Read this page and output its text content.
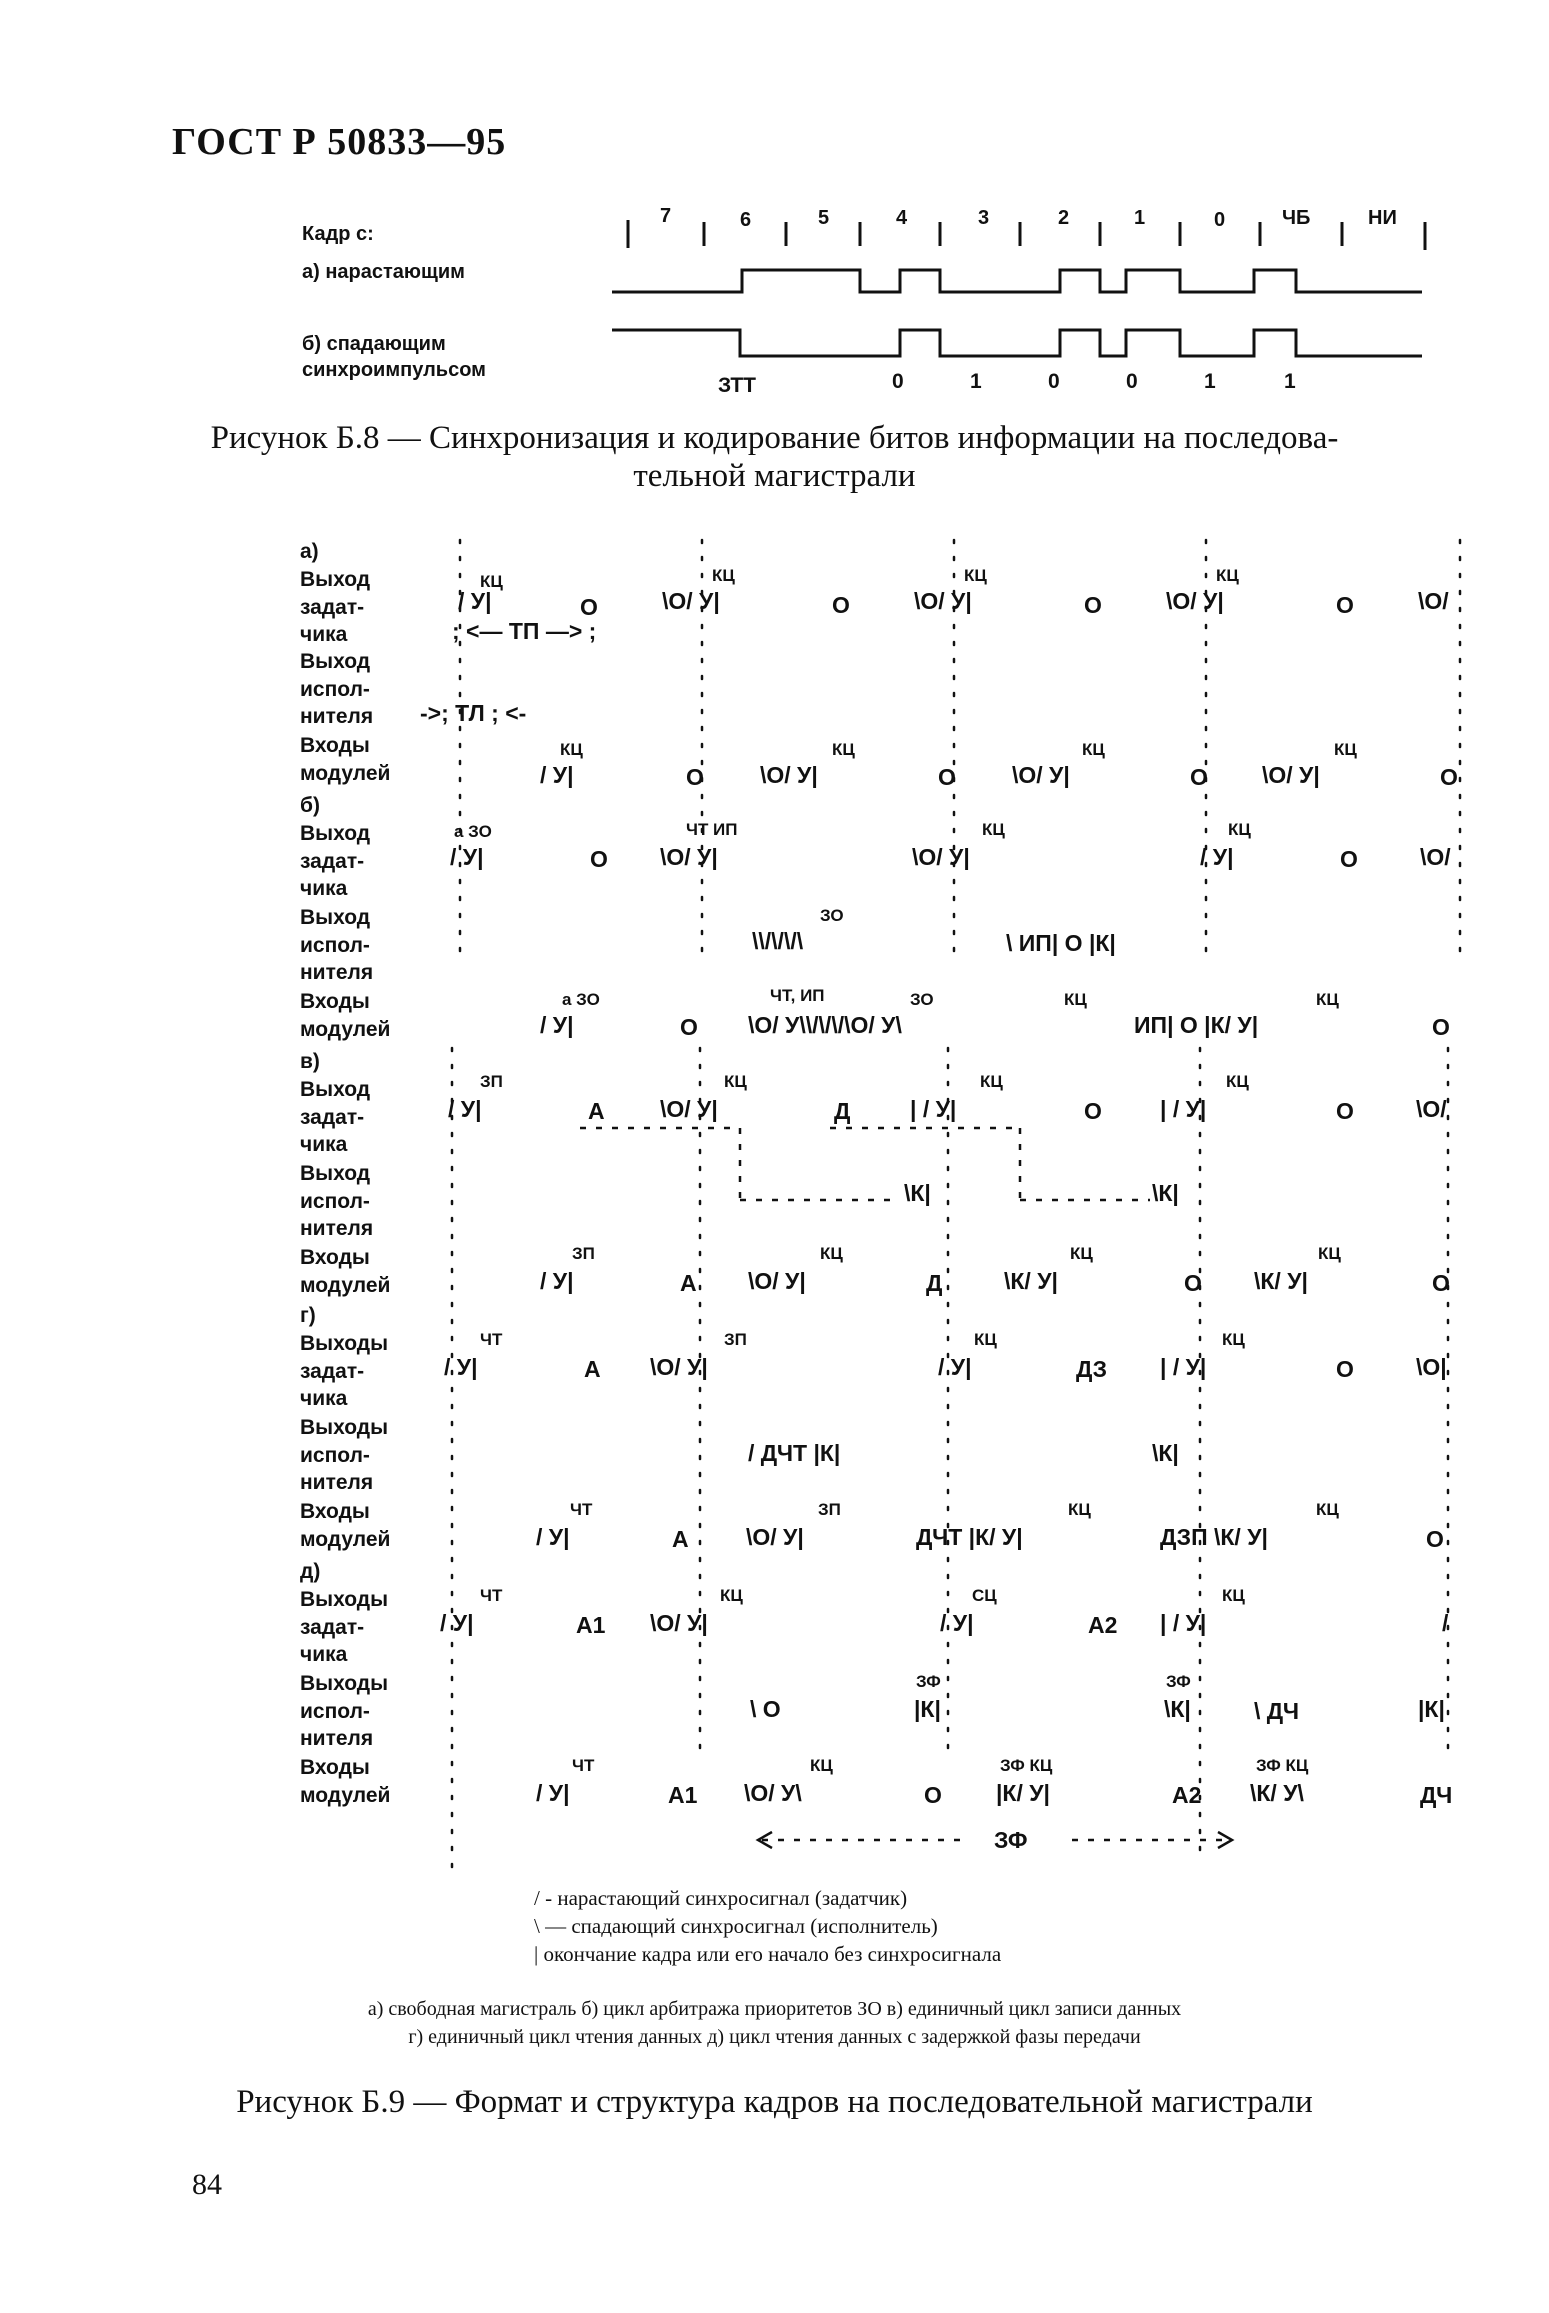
ГОСТ Р 50833—95
Кадр с:
а) нарастающим
б) спадающим
синхроимпульсом
7	6	5	4	3	2	1	0	ЧБ	НИ
ЗТТ	0	1	0	0	1	1
Рисунок Б.8 — Синхронизация и кодирование битов информации на последова-
тельной магистрали
а)
Выход задат- чика
Выход испол- нителя
Входы модулей
/ У|
КЦ
О	\О/ У|
КЦ
О	\О/ У|
КЦ
О	\О/ У|
КЦ
О	\О/
; <— ТП —> ;
->; ТЛ ; <-
/ У|
КЦ
О \О/ У|
КЦ
О \О/ У|
КЦ
О \О/ У|
КЦ
О
б)
Выход задат- чика
Выход испол- нителя
Входы модулей
/ У|
а ЗО
О \О/ У|
ЧТ ИП
\О/ У|
КЦ
/ У|
КЦ
О	\О/
\\/\/\/\
ЗО
\ ИП| О |К|
/ У|
а ЗО
О \О/ У\\/\/\/\О/ У\
ЧТ, ИП	ЗО	КЦ
ИП| О |К/ У|
КЦ
О
в)
Выход задат- чика
Выход испол- нителя
Входы модулей
/ У|
ЗП
А \О/ У|
КЦ
Д	| / У|
КЦ
О	| / У|
КЦ
О	\О/
\К|	\К|
/ У|
ЗП
А \О/ У|
КЦ
Д	\К/ У|
КЦ
О \К/ У|
КЦ
О
г)
Выходы задат- чика
Выходы испол- нителя
Входы модулей
/ У|
ЧТ
А \О/ У|
ЗП
/ У|
КЦ
ДЗ | / У|
КЦ
О	\О|
/ ДЧТ |К|	\К|
/ У|
ЧТ
А \О/ У|
ЗП
ДЧТ |К/ У|
КЦ
ДЗП \К/ У|
КЦ
О
д)
Выходы задат- чика
Выходы испол- нителя
Входы модулей
/ У|
ЧТ
А1 \О/ У|
КЦ
/ У|
СЦ
А2 | / У|
КЦ
/
\ О
ЗФ
|К|
ЗФ
\К|	\ ДЧ	|К|
/ У|
ЧТ
А1 \О/ У\
КЦ
О |К/ У|
ЗФ КЦ
А2 \К/ У\
ЗФ КЦ
ДЧ
ЗФ
/ - нарастающий синхросигнал (задатчик)
\ — спадающий синхросигнал (исполнитель)
| окончание кадра или его начало без синхросигнала
а) свободная магистраль б) цикл арбитража приоритетов ЗО в) единичный цикл записи данных
г) единичный цикл чтения данных д) цикл чтения данных с задержкой фазы передачи
Рисунок Б.9 — Формат и структура кадров на последовательной магистрали
84
